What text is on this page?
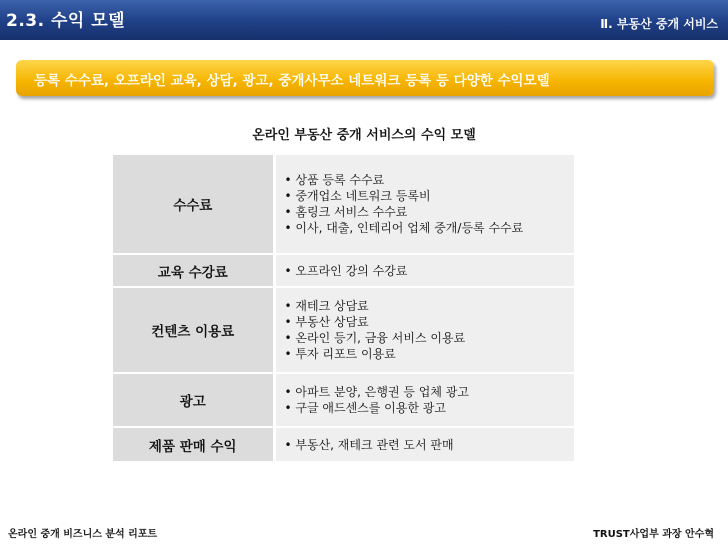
2.3. 수익 모델	Ⅱ. 부동산 중개 서비스
등록 수수료, 오프라인 교육, 상담, 광고, 중개사무소 네트워크 등록 등 다양한 수익모델
온라인 부동산 중개 서비스의 수익 모델
수수료	• 상품 등록 수수료
• 중개업소 네트워크 등록비
• 홈링크 서비스 수수료
• 이사, 대출, 인테리어 업체 중개/등록 수수료

교육 수강료	• 오프라인 강의 수강료

컨텐츠 이용료	• 재테크 상담료
• 부동산 상담료
• 온라인 등기, 금융 서비스 이용료
• 투자 리포트 이용료

광고	• 아파트 분양, 은행권 등 업체 광고
• 구글 애드센스를 이용한 광고

제품 판매 수익	• 부동산, 재테크 관련 도서 판매
온라인 중개 비즈니스 분석 리포트	TRUST사업부 과장 안수혁
